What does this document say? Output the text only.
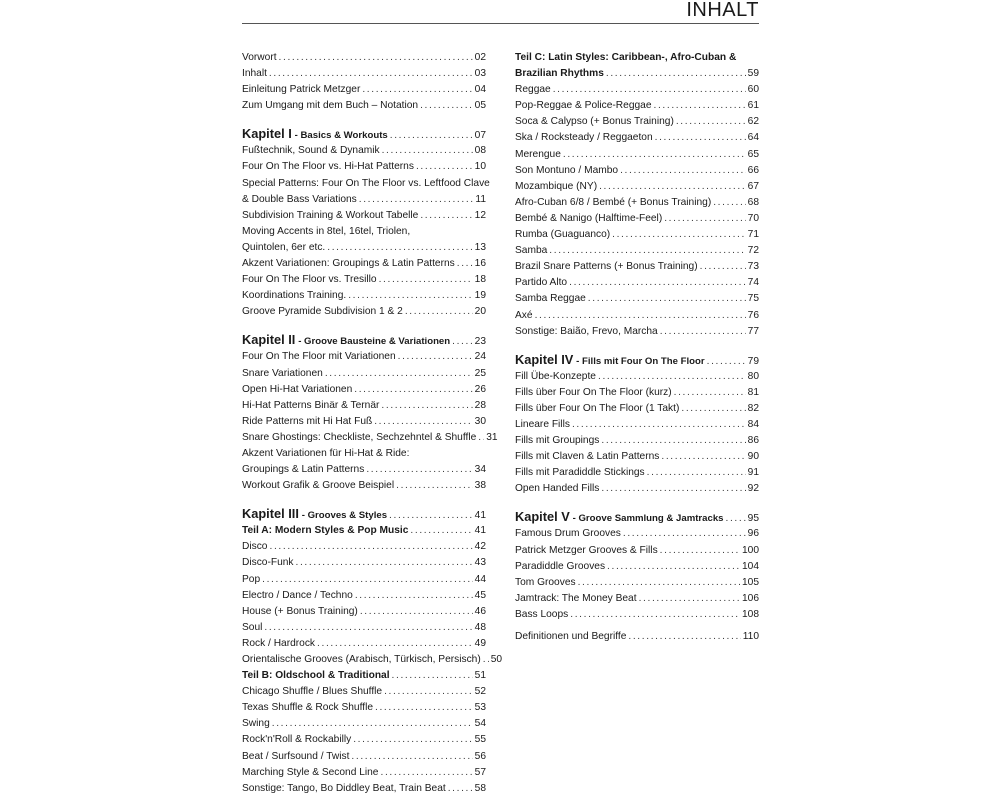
INHALT
Vorwort . . .	02
Inhalt . . .	03
Einleitung Patrick Metzger . . .	04
Zum Umgang mit dem Buch – Notation . . .	05
Kapitel I - Basics & Workouts . . .	07
Fußtechnik, Sound & Dynamik . . .	08
Four On The Floor vs. Hi-Hat Patterns . . .	10
Special Patterns: Four On The Floor vs. Leftfood Clave
& Double Bass Variations . . .	11
Subdivision Training & Workout Tabelle . . .	12
Moving Accents in 8tel, 16tel, Triolen,
Quintolen, 6er etc. . . .	13
Akzent Variationen: Groupings & Latin Patterns . . . 16
Four On The Floor vs. Tresillo . . .	18
Koordinations Training. . . .	19
Groove Pyramide Subdivision 1 & 2 . . .	20
Kapitel II - Groove Bausteine & Variationen . . . 23
Four On The Floor mit Variationen . . .	24
Snare Variationen . . .	25
Open Hi-Hat Variationen . . .	26
Hi-Hat Patterns Binär & Ternär . . .	28
Ride Patterns mit Hi Hat Fuß . . .	30
Snare Ghostings: Checkliste, Sechzehntel & Shuffle . . . 31
Akzent Variationen für Hi-Hat & Ride:
Groupings & Latin Patterns . . .	34
Workout Grafik & Groove Beispiel . . .	38
Kapitel III - Grooves & Styles . . .	41
Teil A: Modern Styles & Pop Music . . .	41
Disco . . .	42
Disco-Funk . . .	43
Pop . . .	44
Electro / Dance / Techno . . .	45
House (+ Bonus Training) . . .	46
Soul . . .	48
Rock / Hardrock . . .	49
Orientalische Grooves (Arabisch, Türkisch, Persisch) . . . 50
Teil B: Oldschool & Traditional . . .	51
Chicago Shuffle / Blues Shuffle . . .	52
Texas Shuffle & Rock Shuffle . . .	53
Swing . . .	54
Rock'n'Roll & Rockabilly . . .	55
Beat / Surfsound / Twist . . .	56
Marching Style & Second Line . . .	57
Sonstige: Tango, Bo Diddley Beat, Train Beat . . .	58
Teil C: Latin Styles: Caribbean-, Afro-Cuban &
Brazilian Rhythms . . .	59
Reggae . . .	60
Pop-Reggae & Police-Reggae . . .	61
Soca & Calypso (+ Bonus Training) . . .	62
Ska / Rocksteady / Reggaeton . . .	64
Merengue . . .	65
Son Montuno / Mambo . . .	66
Mozambique (NY) . . .	67
Afro-Cuban 6/8 / Bembé (+ Bonus Training) . . .	68
Bembé & Nanigo (Halftime-Feel) . . .	70
Rumba (Guaguanco) . . .	71
Samba . . .	72
Brazil Snare Patterns (+ Bonus Training) . . .	73
Partido Alto . . .	74
Samba Reggae . . .	75
Axé . . .	76
Sonstige: Baião, Frevo, Marcha . . .	77
Kapitel IV - Fills mit Four On The Floor . . .	79
Fill Übe-Konzepte . . .	80
Fills über Four On The Floor (kurz) . . .	81
Fills über Four On The Floor (1 Takt) . . .	82
Lineare Fills . . .	84
Fills mit Groupings . . .	86
Fills mit Claven & Latin Patterns . . .	90
Fills mit Paradiddle Stickings . . .	91
Open Handed Fills . . .	92
Kapitel V - Groove Sammlung & Jamtracks . . . 95
Famous Drum Grooves . . .	96
Patrick Metzger Grooves & Fills . . .	100
Paradiddle Grooves . . .	104
Tom Grooves . . .	105
Jamtrack: The Money Beat . . .	106
Bass Loops . . .	108
Definitionen und Begriffe . . .	110
